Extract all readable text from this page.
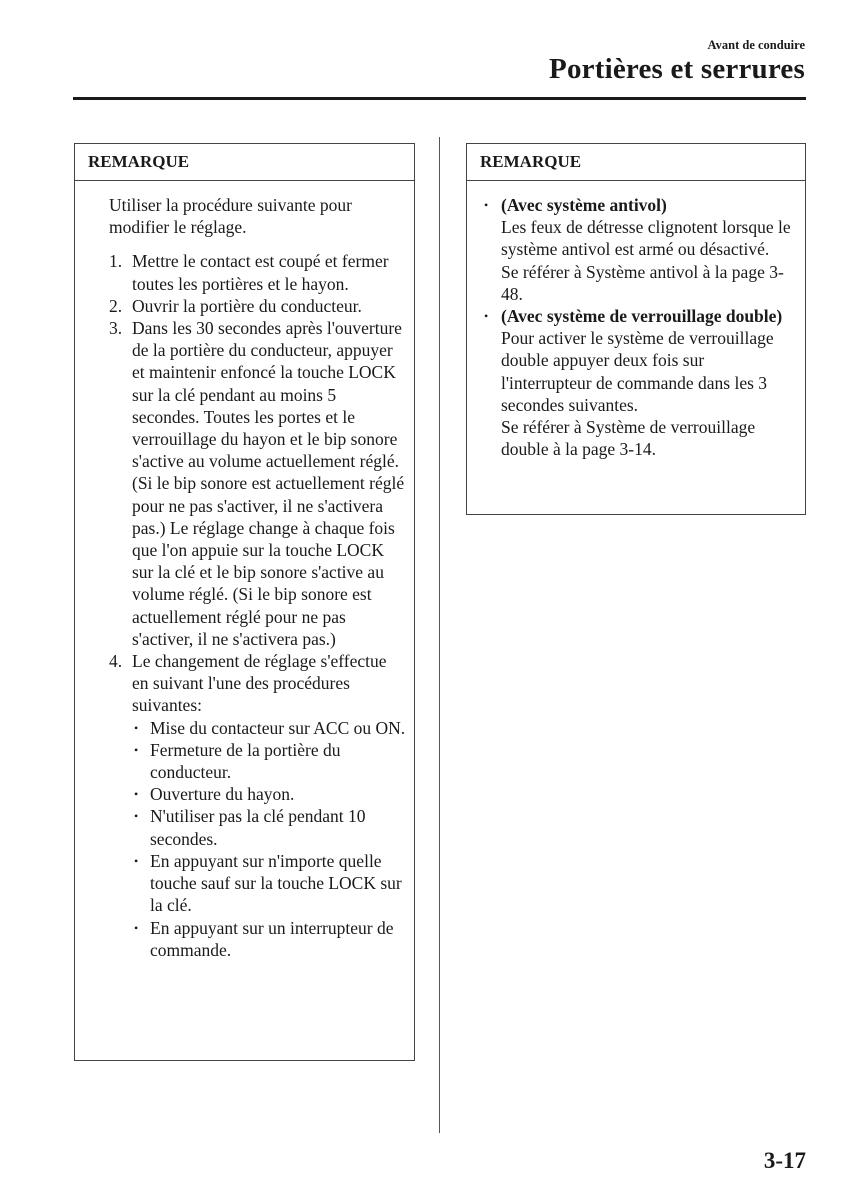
Avant de conduire
Portières et serrures
REMARQUE

Utiliser la procédure suivante pour modifier le réglage.

1. Mettre le contact est coupé et fermer toutes les portières et le hayon.
2. Ouvrir la portière du conducteur.
3. Dans les 30 secondes après l'ouverture de la portière du conducteur, appuyer et maintenir enfoncé la touche LOCK sur la clé pendant au moins 5 secondes. Toutes les portes et le verrouillage du hayon et le bip sonore s'active au volume actuellement réglé. (Si le bip sonore est actuellement réglé pour ne pas s'activer, il ne s'activera pas.) Le réglage change à chaque fois que l'on appuie sur la touche LOCK sur la clé et le bip sonore s'active au volume réglé. (Si le bip sonore est actuellement réglé pour ne pas s'activer, il ne s'activera pas.)
4. Le changement de réglage s'effectue en suivant l'une des procédures suivantes:
• Mise du contacteur sur ACC ou ON.
• Fermeture de la portière du conducteur.
• Ouverture du hayon.
• N'utiliser pas la clé pendant 10 secondes.
• En appuyant sur n'importe quelle touche sauf sur la touche LOCK sur la clé.
• En appuyant sur un interrupteur de commande.
REMARQUE
• (Avec système antivol)
Les feux de détresse clignotent lorsque le système antivol est armé ou désactivé.
Se référer à Système antivol à la page 3-48.
• (Avec système de verrouillage double)
Pour activer le système de verrouillage double appuyer deux fois sur l'interrupteur de commande dans les 3 secondes suivantes.
Se référer à Système de verrouillage double à la page 3-14.
3-17
